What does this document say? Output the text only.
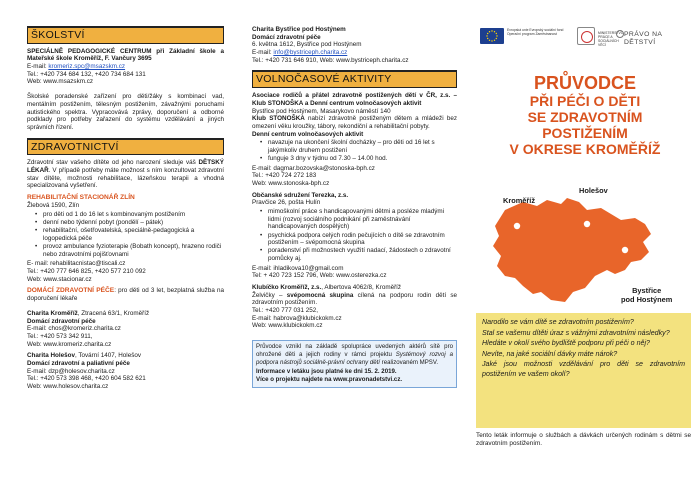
ŠKOLSTVÍ

SPECIÁLNĚ PEDAGOGICKÉ CENTRUM při Základní škole a Mateřské škole Kroměříž, F. Vančury 3695

E-mail: kromeriz.spc@msazskm.cz

Tel.: +420 734 684 132, +420 734 684 131

Web: www.msazskm.cz

Školské poradenské zařízení pro děti/žáky s kombinací vad, mentálním postižením, tělesným postižením, závažnými poruchami autistického spektra. Vypracovává zprávy, doporučení a odborné podklady pro potřeby zařazení do systému vzdělávání a jiných správních řízení.

ZDRAVOTNICTVÍ

Zdravotní stav vašeho dítěte od jeho narození sleduje váš DĚTSKÝ LÉKAŘ. V případě potřeby máte možnost s ním konzultovat zdravotní stav dítěte, možnosti rehabilitace, lázeňskou terapii a vhodná specializovaná vyšetření.

REHABILITAČNÍ STACIONÁŘ ZLÍN

Žlebová 1590, Zlín

• pro děti od 1 do 16 let s kombinovaným postižením
• denní nebo týdenní pobyt (pondělí – pátek)
• rehabilitační, ošetřovatelská, speciálně-pedagogická a logopedická péče
• provoz ambulance fyzioterapie (Bobath koncept), hrazeno rodiči nebo zdravotními pojišťovnami

E- mail: rehabilitacnistac@tiscali.cz

Tel.: +420 777 646 825, +420 577 210 092

Web: www.stacionar.cz

DOMÁCÍ ZDRAVOTNÍ PÉČE: pro děti od 3 let, bezplatná služba na doporučení lékaře

Charita Kroměříž, Ztracená 63/1, Kroměříž

Domácí zdravotní péče

E-mail: chos@kromeriz.charita.cz

Tel.: +420 573 342 911,

Web: www.kromeriz.charita.cz

Charita Holešov, Tovární 1407, Holešov

Domácí zdravotní a paliativní péče

E-mail: dzp@holesov.charita.cz

Tel.: +420 573 398 468, +420 604 582 621

Web: www.holesov.charita.cz

Charita Bystřice pod Hostýnem

Domácí zdravotní péče

6. května 1612, Bystřice pod Hostýnem

E-mail: info@bystriceph.charita.cz

Tel.: +420 731 646 910, Web: www.bystriceph.charita.cz

VOLNOČASOVÉ AKTIVITY

Asociace rodičů a přátel zdravotně postižených dětí v ČR, z.s. – Klub STONOŠKA a Denní centrum volnočasových aktivit

Bystřice pod Hostýnem, Masarykovo náměstí 140

Klub STONOŠKA nabízí zdravotně postiženým dětem a mládeži bez omezení věku kroužky, tábory, rekondiční a rehabilitační pobyty.

Denní centrum volnočasových aktivit

• navazuje na ukončení školní docházky – pro děti od 16 let s jakýmkoliv druhem postižení
• funguje 3 dny v týdnu od 7.30 – 14.00 hod.

E-mail: dagmar.bozovska@stonoska-bph.cz

Tel.: +420 724 272 183

Web: www.stonoska-bph.cz

Občanské sdružení Terezka, z.s.

Pravčice 26, pošta Hulín

• mimoškolní práce s handicapovanými dětmi a posléze mladými lidmi (rozvoj sociálního podnikání při zaměstnávání handicapovaných dospělých)
• psychická podpora celých rodin pečujících o dítě se zdravotním postižením – svépomocná skupina
• poradenství při možnostech využití nadací, žádostech o zdravotní pomůcky aj.

E-mail: ihladikova10@gmail.com

Tel: + 420 723 152 796, Web: www.osterezka.cz

Klubíčko Kroměříž, z.s., Albertova 4062/8, Kroměříž

Želvičky – svépomocná skupina cílená na podporu rodin dětí se zdravotním postižením.

Tel.: +420 777 031 252,

E-mail: habrova@klubickokm.cz

Web: www.klubickokm.cz

Průvodce vznikl na základě spolupráce uvedených aktérů sítě pro ohrožené děti a jejich rodiny v rámci projektu Systémový rozvoj a podpora nástrojů sociálně-právní ochrany dětí realizovaném MPSV.

Informace v letáku jsou platné ke dni 15. 2. 2019.

Více o projektu najdete na www.pravonadetstvi.cz.

Evropská unie Evropský sociální fond Operační program Zaměstnanost	MINISTERSTVO PRÁCE A SOCIÁLNÍCH VĚCÍ
PRÁVO NA DĚTSTVÍ
PRŮVODCE
PŘI PÉČI O DĚTI
SE ZDRAVOTNÍM
POSTIŽENÍM
V OKRESE KROMĚŘÍŽ
Kroměříž
Holešov
Bystřice
pod Hostýnem

Narodilo se vám dítě se zdravotním postižením?

Stal se vašemu dítěti úraz s vážnými zdravotními následky?

Hledáte v okolí svého bydliště podporu při péči o něj?

Nevíte, na jaké sociální dávky máte nárok?

Jaké jsou možnosti vzdělávání pro děti se zdravotním postižením ve vašem okolí?

Tento leták informuje o službách a dávkách určených rodinám s dětmi se zdravotním postižením.
